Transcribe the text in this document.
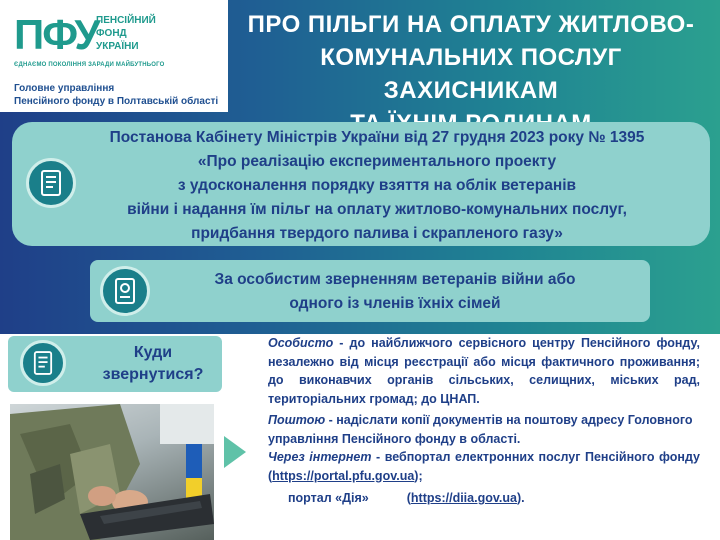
ПФУ
ПЕНСІЙНИЙ
ФОНД
УКРАЇНИ
ЄДНАЄМО ПОКОЛІННЯ ЗАРАДИ МАЙБУТНЬОГО
Головне управління
Пенсійного фонду в Полтавській області
ПРО ПІЛЬГИ НА ОПЛАТУ ЖИТЛОВО-
КОМУНАЛЬНИХ ПОСЛУГ ЗАХИСНИКАМ
Постанова Кабінету Міністрів України від 27 грудня 2023 року № 1395
«Про реалізацію експериментального проекту
з удосконалення порядку взяття на облік ветеранів
війни і надання їм пільг на оплату житлово-комунальних послуг,
придбання твердого палива і скрапленого газу»
За особистим зверненням ветеранів війни або
одного із членів їхніх сімей
Куди
звернутися?

Особисто - до найближчого сервісного центру Пенсійного фонду, незалежно від місця реєстрації або місця фактичного проживання; до виконавчих органів сільських, селищних, міських рад, територіальних громад; до ЦНАП.

Поштою - надіслати копії документів на поштову адресу Головного управління Пенсійного фонду в області.

Через інтернет - вебпортал електронних послуг Пенсійного фонду (https://portal.pfu.gov.ua);

портал «Дія»	(https://diia.gov.ua).
